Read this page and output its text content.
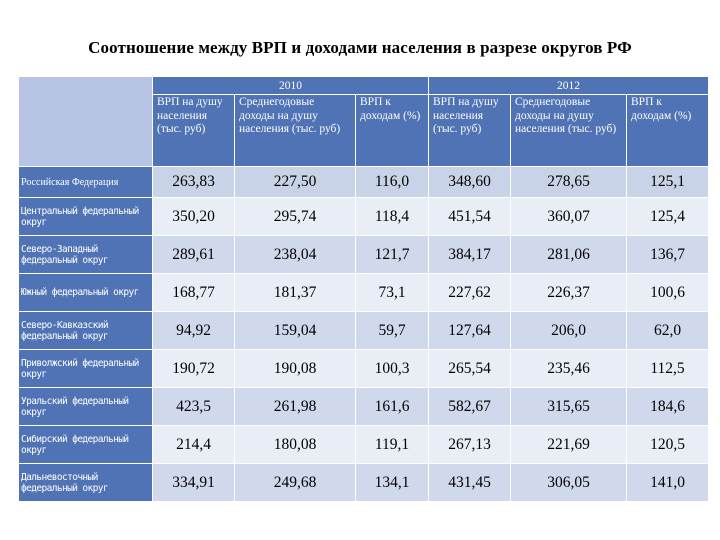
Соотношение между ВРП и доходами населения в разрезе округов РФ
	2010			2012		
	ВРП на душу населения (тыс. руб)	Среднегодовые доходы на душу населения (тыс. руб)	ВРП к доходам (%)	ВРП на душу населения (тыс. руб)	Среднегодовые доходы на душу населения (тыс. руб)	ВРП к доходам (%)
Российская Федерация	263,83	227,50	116,0	348,60	278,65	125,1
Центральный федеральный округ	350,20	295,74	118,4	451,54	360,07	125,4
Северо-Западный федеральный округ	289,61	238,04	121,7	384,17	281,06	136,7
Южный федеральный округ	168,77	181,37	73,1	227,62	226,37	100,6
Северо-Кавказский федеральный округ	94,92	159,04	59,7	127,64	206,0	62,0
Приволжский федеральный округ	190,72	190,08	100,3	265,54	235,46	112,5
Уральский федеральный округ	423,5	261,98	161,6	582,67	315,65	184,6
Сибирский федеральный округ	214,4	180,08	119,1	267,13	221,69	120,5
Дальневосточный федеральный округ	334,91	249,68	134,1	431,45	306,05	141,0
